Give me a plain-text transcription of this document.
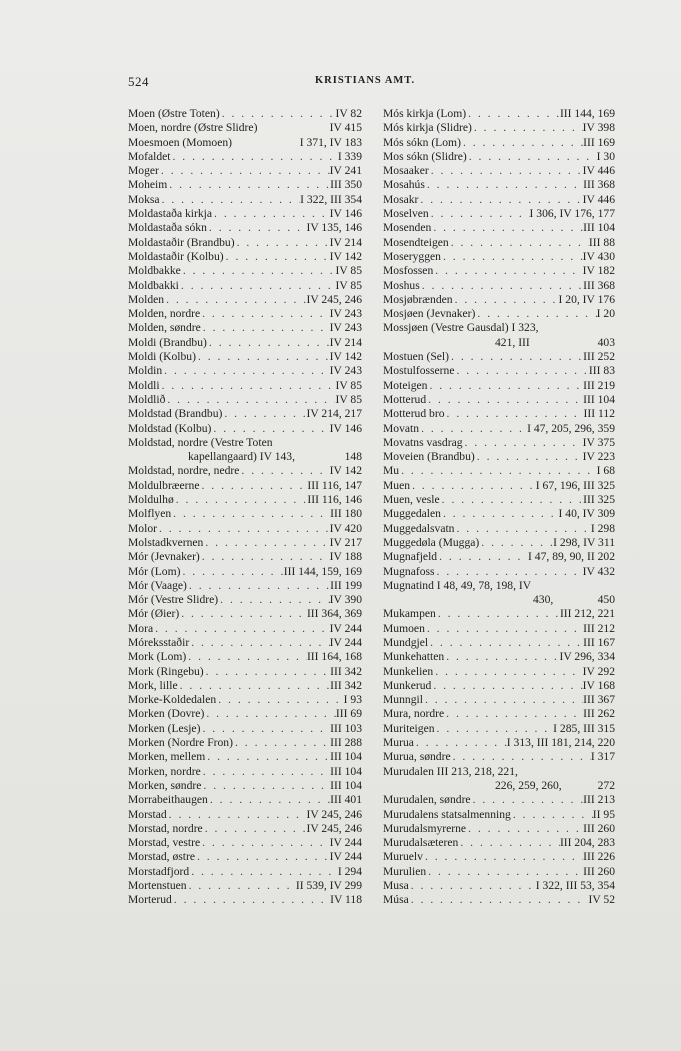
524	KRISTIANS AMT.
Moen (Østre Toten) . . .	IV 82
Moen, nordre (Østre Slidre)	IV 415
Moesmoen (Momoen)	I 371, IV 183
Mofaldet . . .	I 339
Moger . . .	IV 241
Moheim . . .	III 350
Moksa . . .	I 322, III 354
Moldastaða kirkja . . .	IV 146
Moldastaða sókn . . .	IV 135, 146
Moldastaðir (Brandbu) . . .	IV 214
Moldastaðir (Kolbu) . . .	IV 142
Moldbakke . . .	IV 85
Moldbakki . . .	IV 85
Molden . . .	IV 245, 246
Molden, nordre . . .	IV 243
Molden, søndre . . .	IV 243
Moldi (Brandbu) . . .	IV 214
Moldi (Kolbu) . . .	IV 142
Moldin . . .	IV 243
Moldli . . .	IV 85
Moldlið . . .	IV 85
Moldstad (Brandbu) . . .	IV 214, 217
Moldstad (Kolbu) . . .	IV 146
Moldstad, nordre (Vestre Toten
kapellangaard) IV 143,	148
Moldstad, nordre, nedre . . .	IV 142
Moldulbræerne . . .	III 116, 147
Moldulhø . . .	III 116, 146
Molflyen . . .	III 180
Molor . . .	IV 420
Molstadkvernen . . .	IV 217
Mór (Jevnaker) . . .	IV 188
Mór (Lom) . . .	III 144, 159, 169
Mór (Vaage) . . .	III 199
Mór (Vestre Slidre) . . .	IV 390
Mór (Øier) . . .	III 364, 369
Mora . . .	IV 244
Móreksstaðir . . .	IV 244
Mork (Lom) . . .	III 164, 168
Mork (Ringebu) . . .	III 342
Mork, lille . . .	III 342
Morke-Koldedalen . . .	I 93
Morken (Dovre) . . .	III 69
Morken (Lesje) . . .	III 103
Morken (Nordre Fron) . . .	III 288
Morken, mellem . . .	III 104
Morken, nordre . . .	III 104
Morken, søndre . . .	III 104
Morrabeithaugen . . .	III 401
Morstad . . .	IV 245, 246
Morstad, nordre . . .	IV 245, 246
Morstad, vestre . . .	IV 244
Morstad, østre . . .	IV 244
Morstadfjord . . .	I 294
Mortenstuen . . .	II 539, IV 299
Morterud . . .	IV 118
Mós kirkja (Lom) . . .	III 144, 169
Mós kirkja (Slidre) . . .	IV 398
Mós sókn (Lom) . . .	III 169
Mos sókn (Slidre) . . .	I 30
Mosaaker . . .	IV 446
Mosahús . . .	III 368
Mosakr . . .	IV 446
Moselven . . .	I 306, IV 176, 177
Mosenden . . .	III 104
Mosendteigen . . .	III 88
Moseryggen . . .	IV 430
Mosfossen . . .	IV 182
Moshus . . .	III 368
Mosjøbrænden . . .	I 20, IV 176
Mosjøen (Jevnaker) . . .	I 20
Mossjøen (Vestre Gausdal) I 323,
421, III	403
Mostuen (Sel) . . .	III 252
Mostulfosserne . . .	III 83
Moteigen . . .	III 219
Motterud . . .	III 104
Motterud bro . . .	III 112
Movatn . . .	I 47, 205, 296, 359
Movatns vasdrag . . .	IV 375
Moveien (Brandbu) . . .	IV 223
Mu . . .	I 68
Muen . . .	I 67, 196, III 325
Muen, vesle . . .	III 325
Muggedalen . . .	I 40, IV 309
Muggedalsvatn . . .	I 298
Muggedøla (Mugga) . . .	I 298, IV 311
Mugnafjeld . . .	I 47, 89, 90, II 202
Mugnafoss . . .	IV 432
Mugnatind I 48, 49, 78, 198, IV
430,	450
Mukampen . . .	III 212, 221
Mumoen . . .	III 212
Mundgjel . . .	III 167
Munkehatten . . .	IV 296, 334
Munkelien . . .	IV 292
Munkerud . . .	IV 168
Munngil . . .	III 367
Mura, nordre . . .	III 262
Muriteigen . . .	I 285, III 315
Murua . . .	I 313, III 181, 214, 220
Murua, søndre . . .	I 317
Murudalen III 213, 218, 221,
226, 259, 260,	272
Murudalen, søndre . . .	III 213
Murudalens statsalmenning . . .	II 95
Murudalsmyrerne . . .	III 260
Murudalsæteren . . .	III 204, 283
Muruelv . . .	III 226
Murulien . . .	III 260
Musa . . .	I 322, III 53, 354
Músa . . .	IV 52
